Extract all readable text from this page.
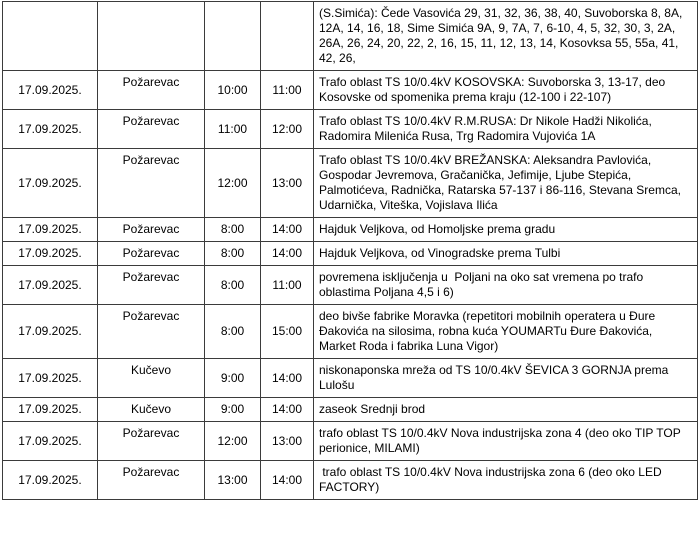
				(S.Simića): Čede Vasovića 29, 31, 32, 36, 38, 40, Suvoborska 8, 8A, 12A, 14, 16, 18, Sime Simića 9A, 9, 7A, 7, 6-10, 4, 5, 32, 30, 3, 2A, 26A, 26, 24, 20, 22, 2, 16, 15, 11, 12, 13, 14, Kosovksa 55, 55a, 41, 42, 26,
17.09.2025.	Požarevac	10:00	11:00	Trafo oblast TS 10/0.4kV KOSOVSKA: Suvoborska 3, 13-17, deo  Kosovske od spomenika prema kraju (12-100 i 22-107)
17.09.2025.	Požarevac	11:00	12:00	Trafo oblast TS 10/0.4kV R.M.RUSA: Dr Nikole Hadži Nikolića, Radomira Milenića Rusa, Trg Radomira Vujovića 1A
17.09.2025.	Požarevac	12:00	13:00	Trafo oblast TS 10/0.4kV BREŽANSKA: Aleksandra Pavlovića, Gospodar Jevremova, Gračanička, Jefimije, Ljube Stepića, Palmotićeva, Radnička, Ratarska 57-137 i 86-116, Stevana Sremca, Udarnička, Viteška, Vojislava Ilića
17.09.2025.	Požarevac	8:00	14:00	Hajduk Veljkova, od Homoljske prema gradu
17.09.2025.	Požarevac	8:00	14:00	Hajduk Veljkova, od Vinogradske prema Tulbi
17.09.2025.	Požarevac	8:00	11:00	povremena isključenja u  Poljani na oko sat vremena po trafo oblastima Poljana 4,5 i 6)
17.09.2025.	Požarevac	8:00	15:00	deo bivše fabrike Moravka (repetitori mobilnih operatera u Đure Đakovića na silosima, robna kuća YOUMARTu Đure Đakovića,  Market Roda i fabrika Luna Vigor)
17.09.2025.	Kučevo	9:00	14:00	niskonaponska mreža od TS 10/0.4kV ŠEVICA 3 GORNJA prema Lulošu
17.09.2025.	Kučevo	9:00	14:00	zaseok Srednji brod
17.09.2025.	Požarevac	12:00	13:00	trafo oblast TS 10/0.4kV Nova industrijska zona 4 (deo oko TIP TOP perionice, MILAMI)
17.09.2025.	Požarevac	13:00	14:00	trafo oblast TS 10/0.4kV Nova industrijska zona 6 (deo oko LED FACTORY)
